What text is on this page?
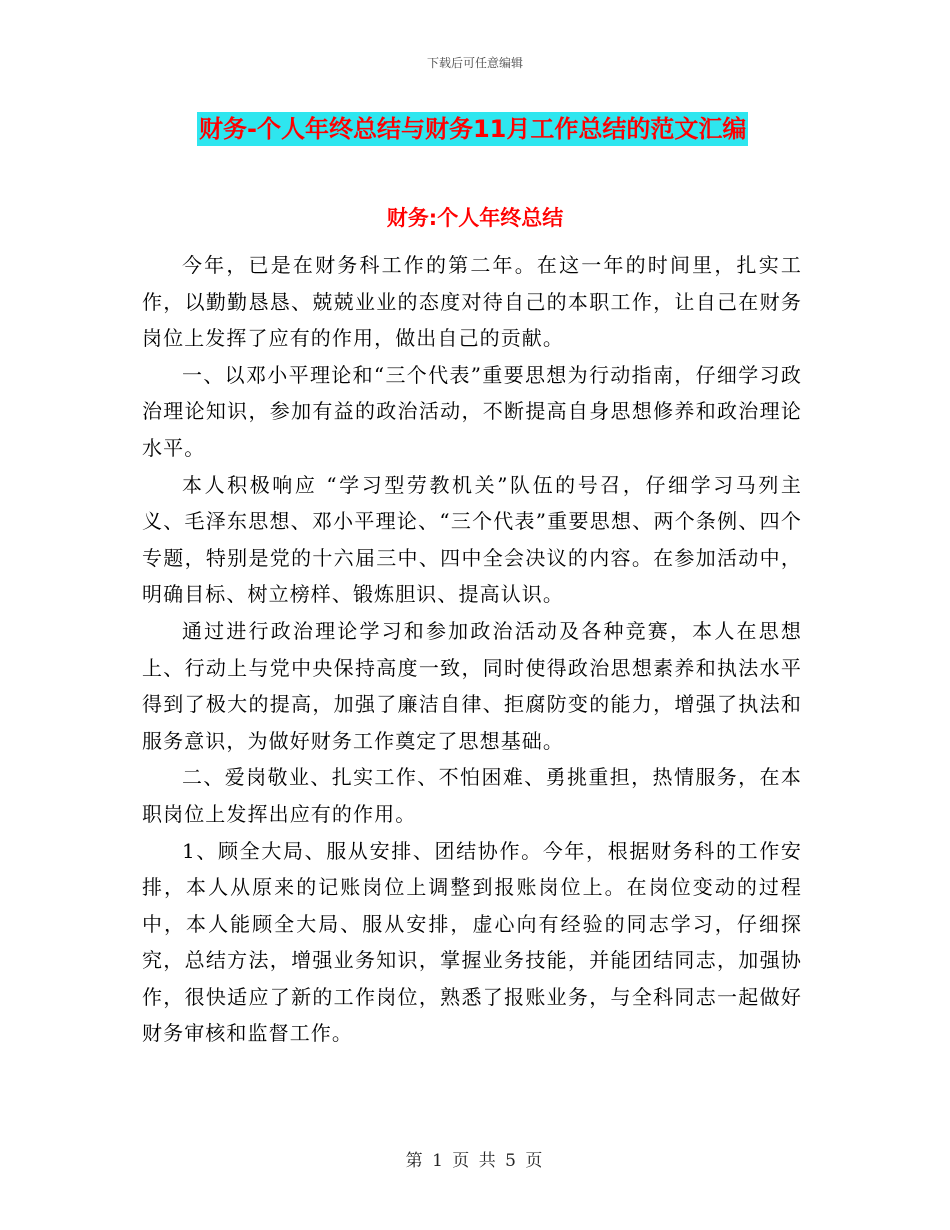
下载后可任意编辑
财务-个人年终总结与财务11月工作总结的范文汇编
财务:个人年终总结

今年，已是在财务科工作的第二年。在这一年的时间里，扎实工作，以勤勤恳恳、兢兢业业的态度对待自己的本职工作，让自己在财务岗位上发挥了应有的作用，做出自己的贡献。

一、以邓小平理论和“三个代表”重要思想为行动指南，仔细学习政治理论知识，参加有益的政治活动，不断提高自身思想修养和政治理论水平。

本人积极响应 “学习型劳教机关”队伍的号召，仔细学习马列主义、毛泽东思想、邓小平理论、“三个代表”重要思想、两个条例、四个专题，特别是党的十六届三中、四中全会决议的内容。在参加活动中，明确目标、树立榜样、锻炼胆识、提高认识。

通过进行政治理论学习和参加政治活动及各种竞赛，本人在思想上、行动上与党中央保持高度一致，同时使得政治思想素养和执法水平得到了极大的提高，加强了廉洁自律、拒腐防变的能力，增强了执法和服务意识，为做好财务工作奠定了思想基础。

二、爱岗敬业、扎实工作、不怕困难、勇挑重担，热情服务，在本职岗位上发挥出应有的作用。

1、顾全大局、服从安排、团结协作。今年，根据财务科的工作安排，本人从原来的记账岗位上调整到报账岗位上。在岗位变动的过程中，本人能顾全大局、服从安排，虚心向有经验的同志学习，仔细探究，总结方法，增强业务知识，掌握业务技能，并能团结同志，加强协作，很快适应了新的工作岗位，熟悉了报账业务，与全科同志一起做好财务审核和监督工作。

第 1 页 共 5 页
